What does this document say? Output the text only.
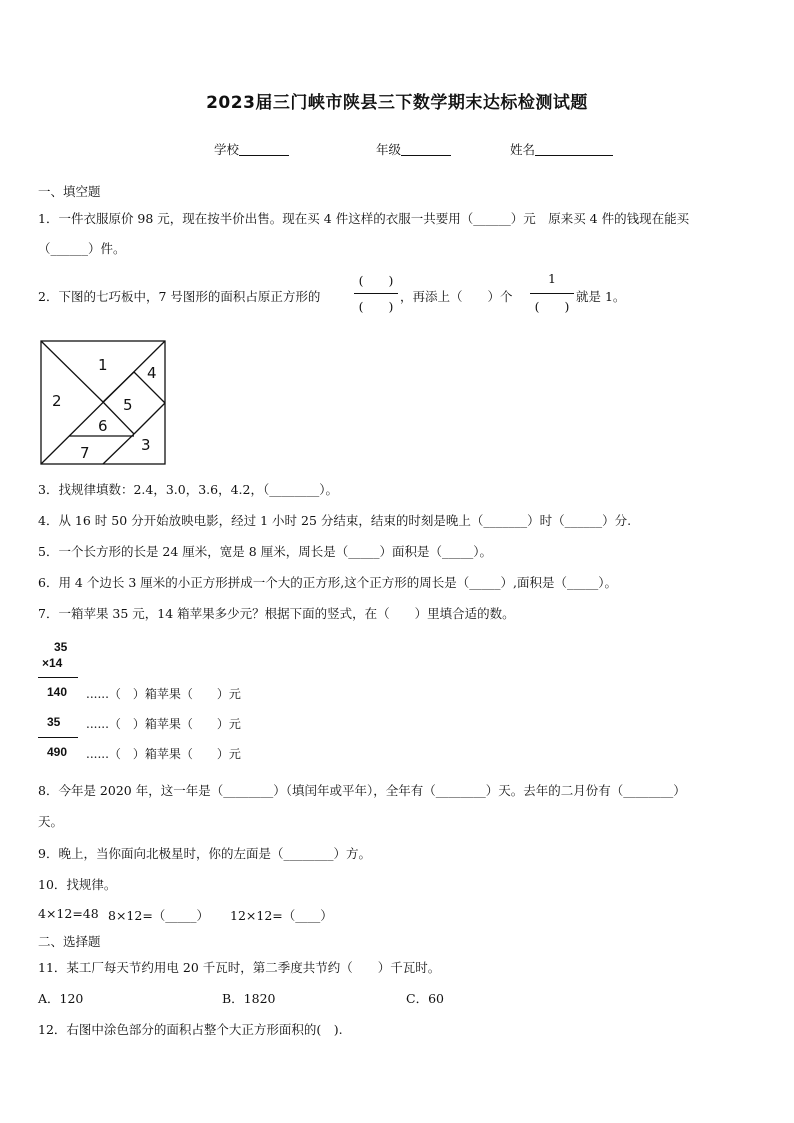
2023届三门峡市陕县三下数学期末达标检测试题
学校	年级	姓名
一、填空题
1．一件衣服原价 98 元，现在按半价出售。现在买 4 件这样的衣服一共要用（______）元　原来买 4 件的钱现在能买
（______）件。
2．下图的七巧板中，7 号图形的面积占原正方形的
(　　)
(　　)
，再添上（　　）个
1
(　　)
就是 1。
1
2
3
4
5
6
7
3．找规律填数：2.4，3.0，3.6，4.2，（________）。
4．从 16 时 50 分开始放映电影，经过 1 小时 25 分结束，结束的时刻是晚上（_______）时（______）分.
5．一个长方形的长是 24 厘米，宽是 8 厘米，周长是（_____）面积是（_____）。
6．用 4 个边长 3 厘米的小正方形拼成一个大的正方形,这个正方形的周长是（_____）,面积是（_____）。
7．一箱苹果 35 元，14 箱苹果多少元？根据下面的竖式，在（　　）里填合适的数。
35
×14
140 ......（　）箱苹果（　　）元
35 ......（　）箱苹果（　　）元
490 ......（　）箱苹果（　　）元
8．今年是 2020 年，这一年是（________）（填闰年或平年），全年有（________）天。去年的二月份有（________）
天。
9．晚上，当你面向北极星时，你的左面是（________）方。
10．找规律。
4×12=48 8×12=（_____） 12×12=（____）
二、选择题
11．某工厂每天节约用电 20 千瓦时，第二季度共节约（　　）千瓦时。
A．120	B．1820	C．60
12．右图中涂色部分的面积占整个大正方形面积的(　).
